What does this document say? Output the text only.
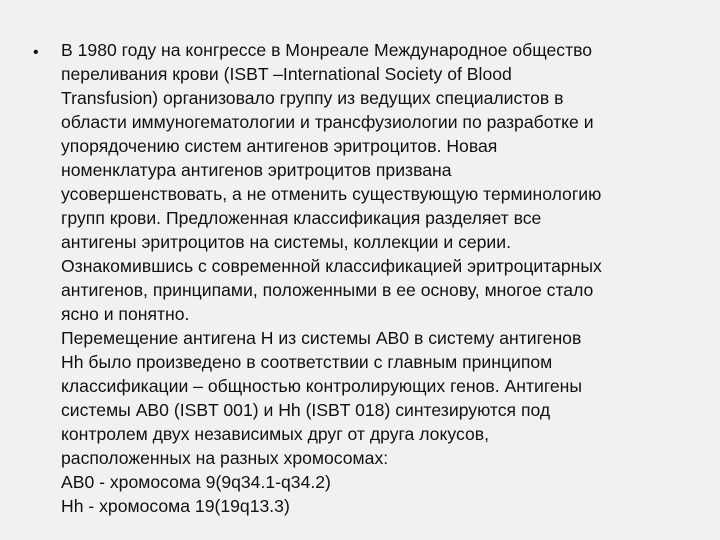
• В 1980 году на конгрессе в Монреале Международное общество
переливания крови (ISBT –International Society of Blood
Transfusion) организовало группу из ведущих специалистов в
области иммуногематологии и трансфузиологии по разработке и
упорядочению систем антигенов эритроцитов. Новая
номенклатура антигенов эритроцитов призвана
усовершенствовать, а не отменить существующую терминологию
групп крови. Предложенная классификация разделяет все
антигены эритроцитов на системы, коллекции и серии.
Ознакомившись с современной классификацией эритроцитарных
антигенов, принципами, положенными в ее основу, многое стало
ясно и понятно.
Перемещение антигена Н из системы АВ0 в систему антигенов
Hh было произведено в соответствии с главным принципом
классификации – общностью контролирующих генов. Антигены
системы АВ0 (ISBT 001) и Hh (ISBT 018) синтезируются под
контролем двух независимых друг от друга локусов,
расположенных на разных хромосомах:
АВ0 - хромосома 9(9q34.1-q34.2)
Hh - хромосома 19(19q13.3)
